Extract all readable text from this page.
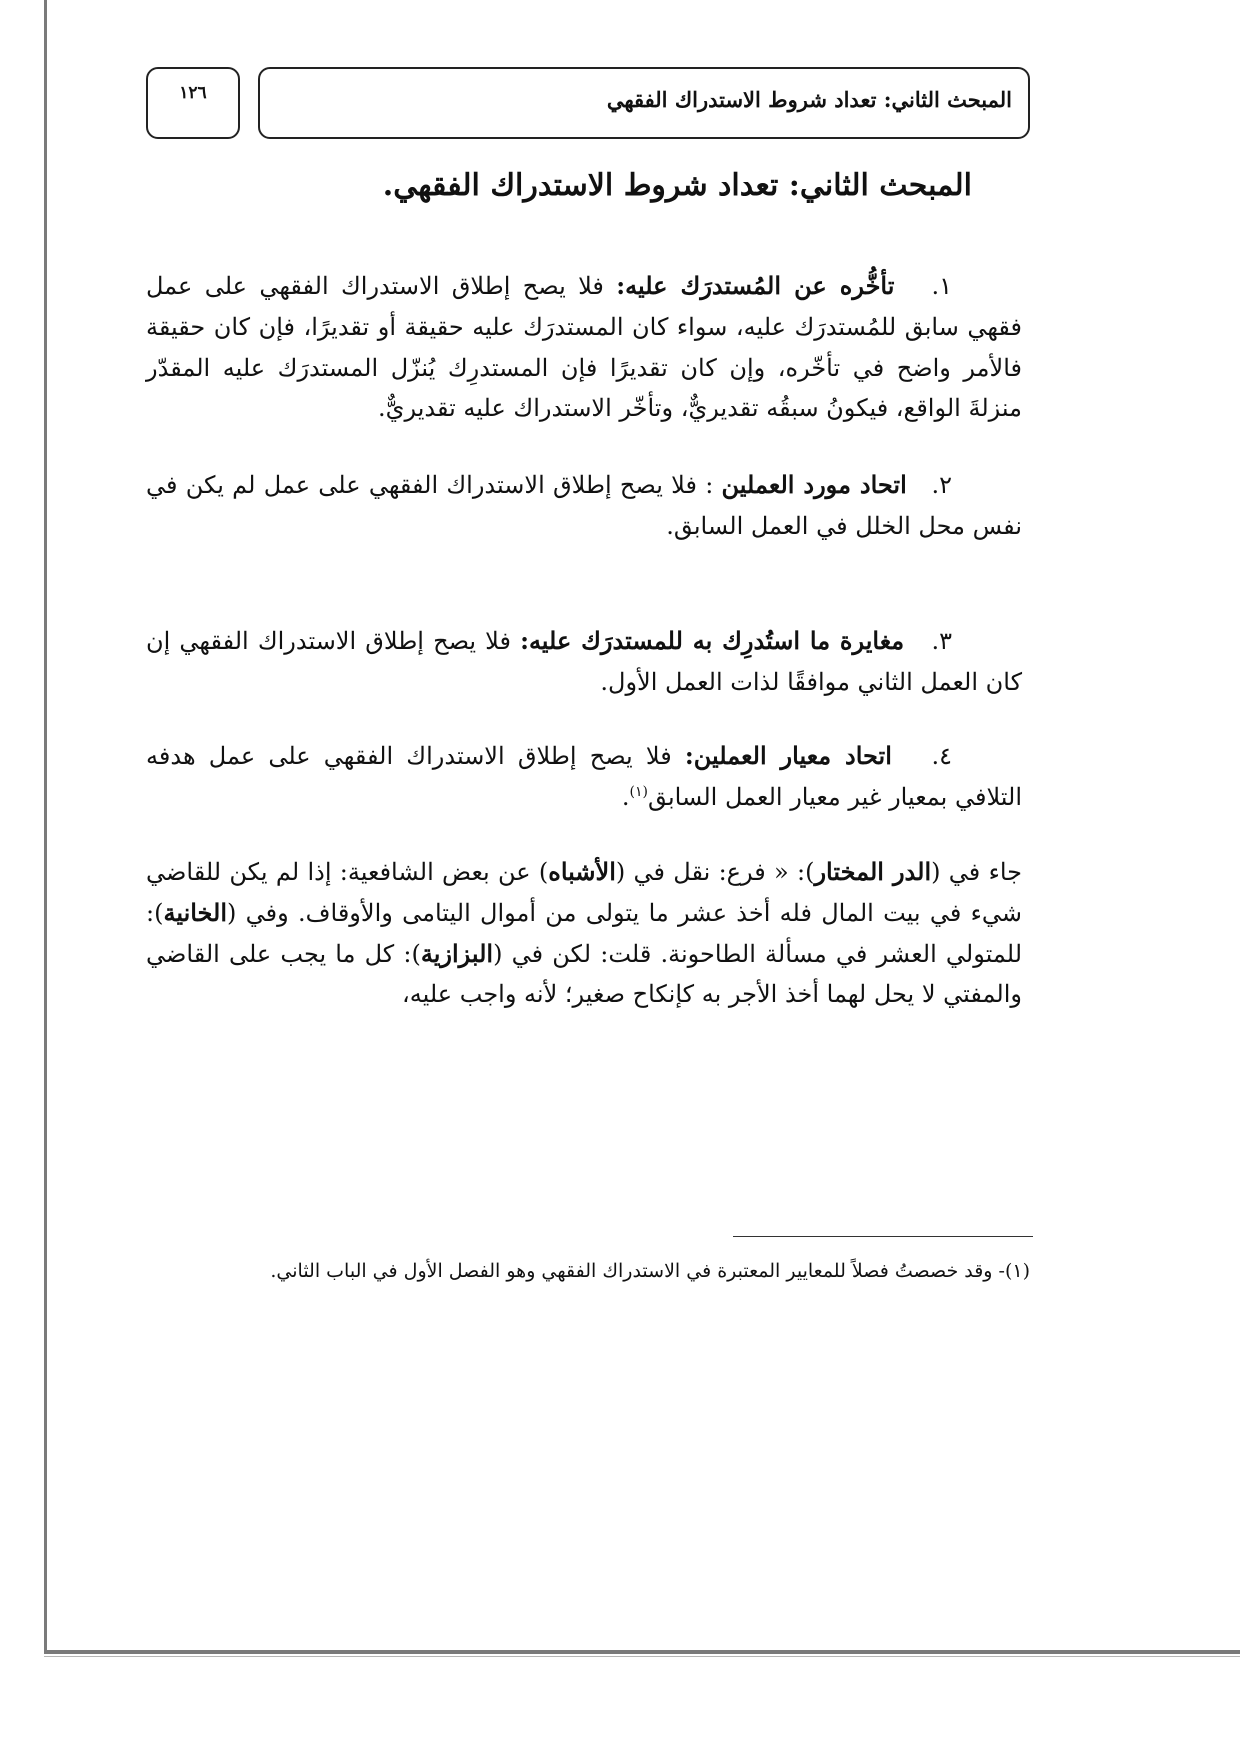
١٢٦	المبحث الثاني: تعداد شروط الاستدراك الفقهي

المبحث الثاني: تعداد شروط الاستدراك الفقهي.

١.   تأخُّره عن المُستدرَك عليه: فلا يصح إطلاق الاستدراك الفقهي على عمل فقهي سابق للمُستدرَك عليه، سواء كان المستدرَك عليه حقيقة أو تقديرًا، فإن كان حقيقة فالأمر واضح في تأخّره، وإن كان تقديرًا فإن المستدرِك يُنزّل المستدرَك عليه المقدّر منزلةَ الواقع، فيكونُ سبقُه تقديريٌّ، وتأخّر الاستدراك عليه تقديريٌّ.

٢.   اتحاد مورد العملين : فلا يصح إطلاق الاستدراك الفقهي على عمل لم يكن في نفس محل الخلل في العمل السابق.

٣.   مغايرة ما استُدرِك به للمستدرَك عليه: فلا يصح إطلاق الاستدراك الفقهي إن كان العمل الثاني موافقًا لذات العمل الأول.

٤.   اتحاد معيار العملين: فلا يصح إطلاق الاستدراك الفقهي على عمل هدفه التلافي بمعيار غير معيار العمل السابق$^{(١)}$.

جاء في (الدر المختار): « فرع: نقل في (الأشباه) عن بعض الشافعية: إذا لم يكن للقاضي شيء في بيت المال فله أخذ عشر ما يتولى من أموال اليتامى والأوقاف. وفي (الخانية): للمتولي العشر في مسألة الطاحونة. قلت: لكن في (البزازية): كل ما يجب على القاضي والمفتي لا يحل لهما أخذ الأجر به كإنكاح صغير؛ لأنه واجب عليه،

(١)- وقد خصصتُ فصلاً للمعايير المعتبرة في الاستدراك الفقهي وهو الفصل الأول في الباب الثاني.
